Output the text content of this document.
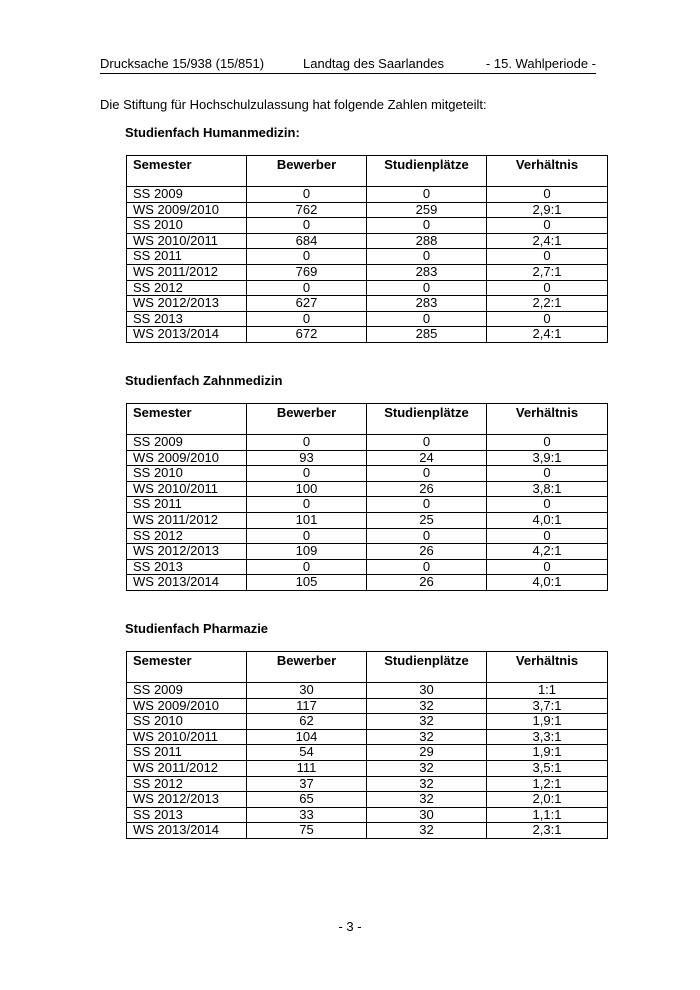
Drucksache 15/938 (15/851)	Landtag des Saarlandes	- 15. Wahlperiode -
Die Stiftung für Hochschulzulassung hat folgende Zahlen mitgeteilt:
Studienfach Humanmedizin:
Semester	Bewerber	Studienplätze	Verhältnis
SS 2009	0	0	0
WS 2009/2010	762	259	2,9:1
SS 2010	0	0	0
WS 2010/2011	684	288	2,4:1
SS 2011	0	0	0
WS 2011/2012	769	283	2,7:1
SS 2012	0	0	0
WS 2012/2013	627	283	2,2:1
SS 2013	0	0	0
WS 2013/2014	672	285	2,4:1
Studienfach Zahnmedizin
Semester	Bewerber	Studienplätze	Verhältnis
SS 2009	0	0	0
WS 2009/2010	93	24	3,9:1
SS 2010	0	0	0
WS 2010/2011	100	26	3,8:1
SS 2011	0	0	0
WS 2011/2012	101	25	4,0:1
SS 2012	0	0	0
WS 2012/2013	109	26	4,2:1
SS 2013	0	0	0
WS 2013/2014	105	26	4,0:1
Studienfach Pharmazie
Semester	Bewerber	Studienplätze	Verhältnis
SS 2009	30	30	1:1
WS 2009/2010	117	32	3,7:1
SS 2010	62	32	1,9:1
WS 2010/2011	104	32	3,3:1
SS 2011	54	29	1,9:1
WS 2011/2012	111	32	3,5:1
SS 2012	37	32	1,2:1
WS 2012/2013	65	32	2,0:1
SS 2013	33	30	1,1:1
WS 2013/2014	75	32	2,3:1
- 3 -
